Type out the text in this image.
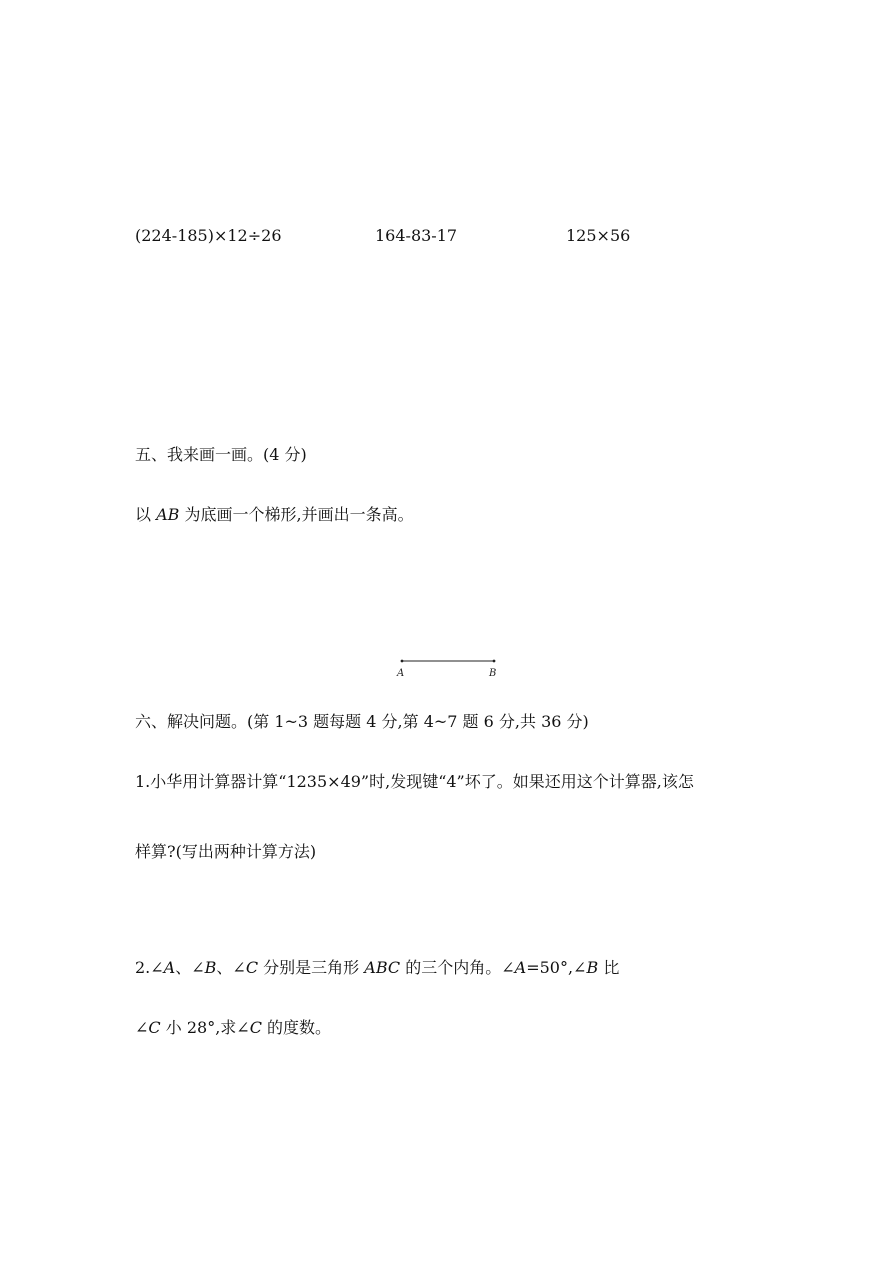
(224-185)×12÷26	164-83-17	125×56
五、我来画一画。(4 分)
以 AB 为底画一个梯形,并画出一条高。
A	B
六、解决问题。(第 1~3 题每题 4 分,第 4~7 题 6 分,共 36 分)
1.小华用计算器计算“1235×49”时,发现键“4”坏了。如果还用这个计算器,该怎
样算?(写出两种计算方法)
2.∠A、∠B、∠C 分别是三角形 ABC 的三个内角。∠A=50°,∠B 比
∠C 小 28°,求∠C 的度数。
